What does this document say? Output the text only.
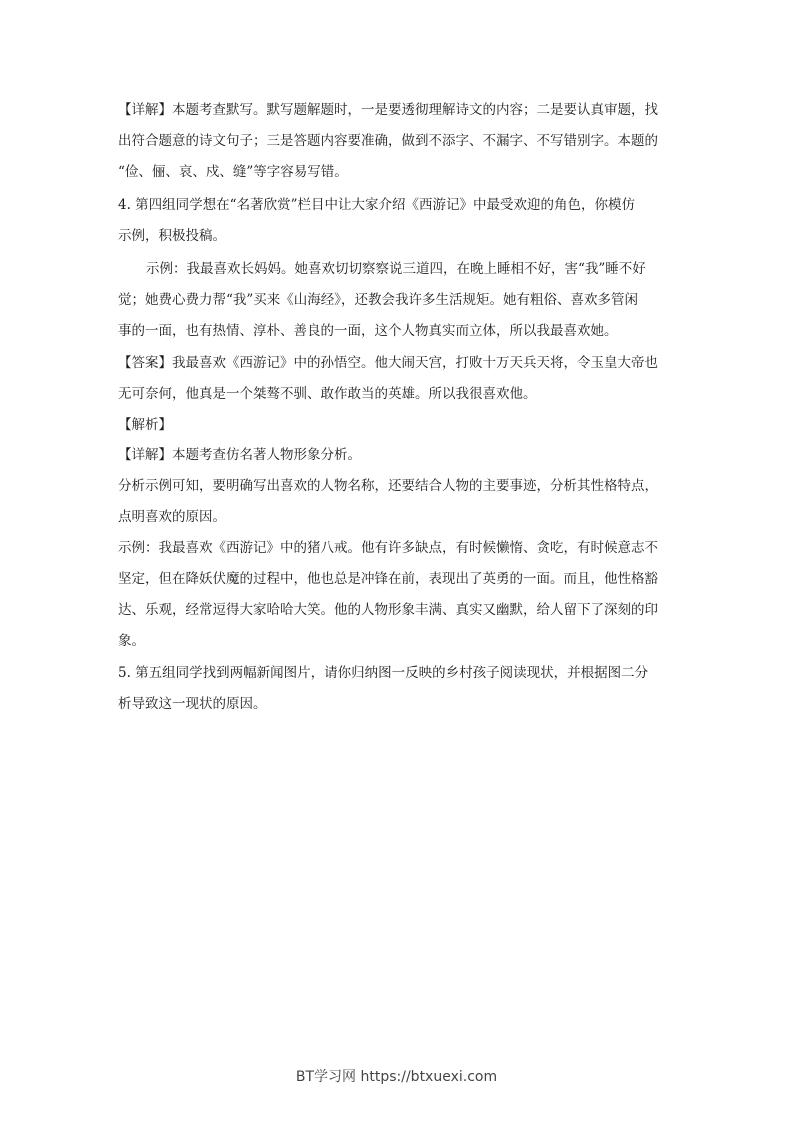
【详解】本题考查默写。默写题解题时，一是要透彻理解诗文的内容；二是要认真审题，找
出符合题意的诗文句子；三是答题内容要准确，做到不添字、不漏字、不写错别字。本题的
“俭、俪、哀、戍、缝”等字容易写错。
4. 第四组同学想在“名著欣赏”栏目中让大家介绍《西游记》中最受欢迎的角色，你模仿
示例，积极投稿。
示例：我最喜欢长妈妈。她喜欢切切察察说三道四，在晚上睡相不好，害“我”睡不好
觉；她费心费力帮“我”买来《山海经》，还教会我许多生活规矩。她有粗俗、喜欢多管闲
事的一面，也有热情、淳朴、善良的一面，这个人物真实而立体，所以我最喜欢她。
【答案】我最喜欢《西游记》中的孙悟空。他大闹天宫，打败十万天兵天将，令玉皇大帝也
无可奈何，他真是一个桀骜不驯、敢作敢当的英雄。所以我很喜欢他。
【解析】
【详解】本题考查仿名著人物形象分析。
分析示例可知，要明确写出喜欢的人物名称，还要结合人物的主要事迹，分析其性格特点，
点明喜欢的原因。
示例：我最喜欢《西游记》中的猪八戒。他有许多缺点，有时候懒惰、贪吃，有时候意志不
坚定，但在降妖伏魔的过程中，他也总是冲锋在前，表现出了英勇的一面。而且，他性格豁
达、乐观，经常逗得大家哈哈大笑。他的人物形象丰满、真实又幽默，给人留下了深刻的印
象。
5. 第五组同学找到两幅新闻图片，请你归纳图一反映的乡村孩子阅读现状，并根据图二分
析导致这一现状的原因。
BT学习网 https://btxuexi.com
